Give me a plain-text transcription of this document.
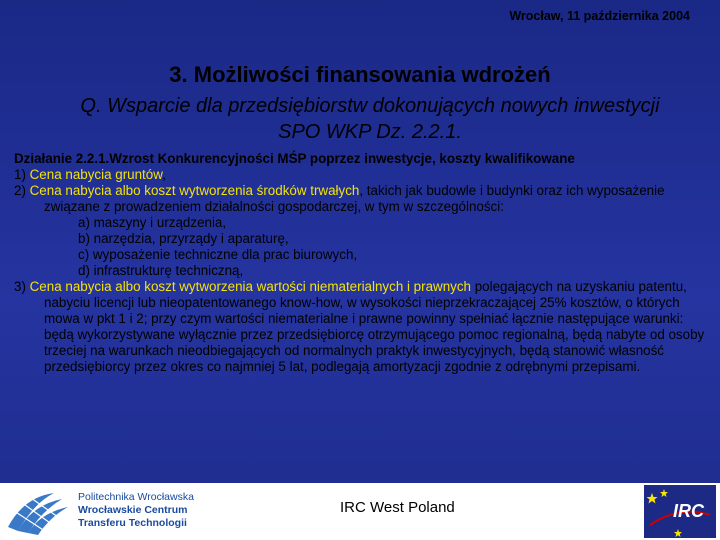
Wrocław, 11 października 2004
3. Możliwości finansowania wdrożeń
Q. Wsparcie dla przedsiębiorstw dokonujących nowych inwestycji SPO WKP Dz. 2.2.1.

Działanie 2.2.1.Wzrost Konkurencyjności MŚP poprzez inwestycje, koszty kwalifikowane

1) Cena nabycia gruntów,

2) Cena nabycia albo koszt wytworzenia środków trwałych, takich jak budowle i budynki oraz ich wyposażenie związane z prowadzeniem działalności gospodarczej, w tym w szczególności:

a) maszyny i urządzenia,

b) narzędzia, przyrządy i aparaturę,

c) wyposażenie techniczne dla prac biurowych,

d) infrastrukturę techniczną,

3) Cena nabycia albo koszt wytworzenia wartości niematerialnych i prawnych polegających na uzyskaniu patentu, nabyciu licencji lub nieopatentowanego know-how, w wysokości nieprzekraczającej 25% kosztów, o których mowa w pkt 1 i 2; przy czym wartości niematerialne i prawne powinny spełniać łącznie następujące warunki: będą wykorzystywane wyłącznie przez przedsiębiorcę otrzymującego pomoc regionalną, będą nabyte od osoby trzeciej na warunkach nieodbiegających od normalnych praktyk inwestycyjnych, będą stanowić własność przedsiębiorcy przez okres co najmniej 5 lat, podlegają amortyzacji zgodnie z odrębnymi przepisami.

Politechnika Wrocławska
Wrocławskie Centrum
Transferu Technologii
IRC West Poland	IRC
